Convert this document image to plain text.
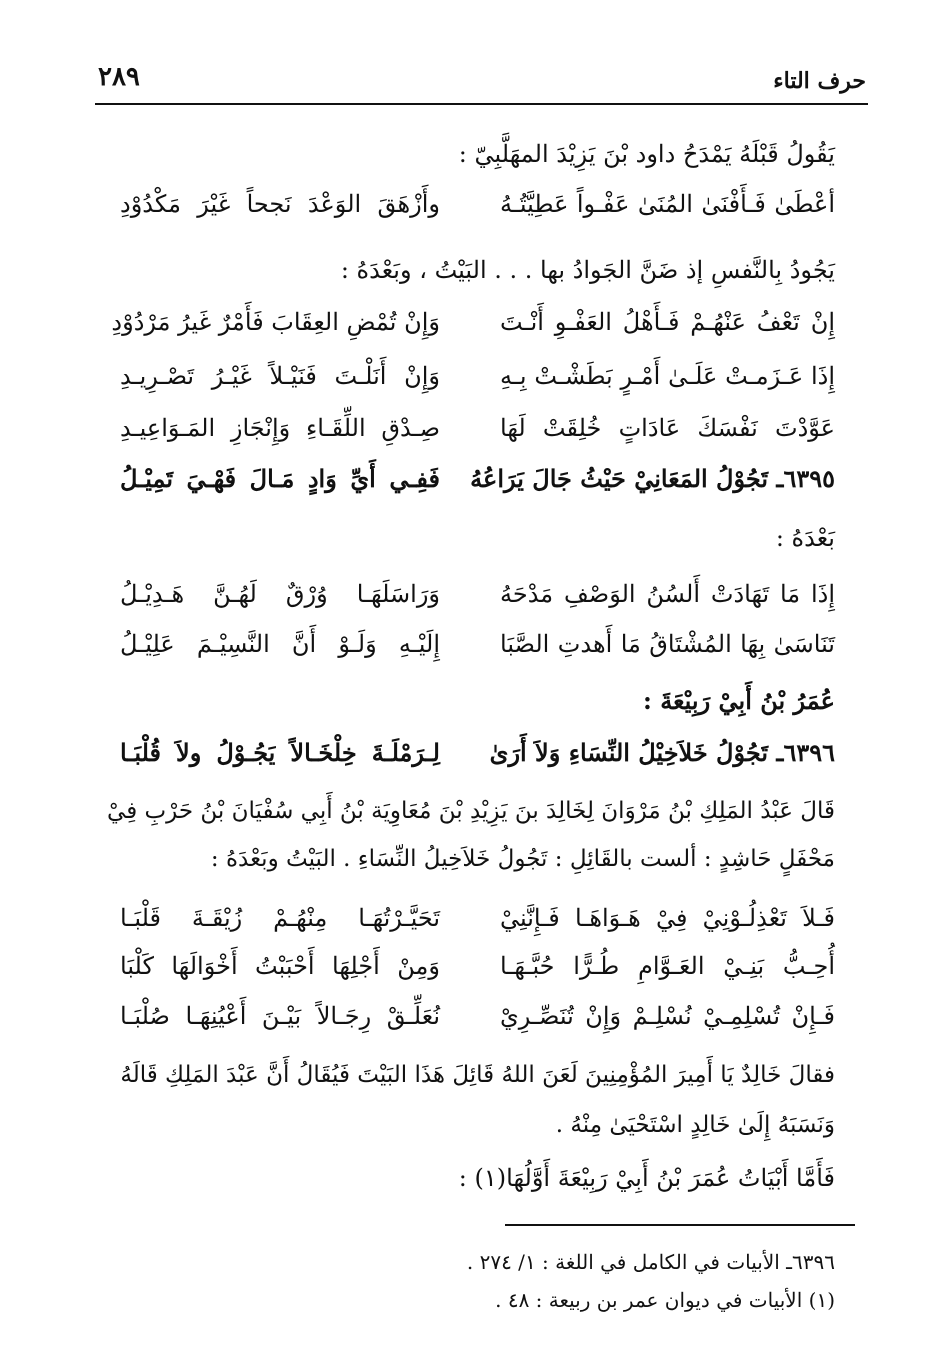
حرف التاء
٢٨٩
يَقُولُ قَبْلَهُ يَمْدَحُ داود بْنَ يَزِيْدَ المهَلَّبِيّ :
أعْطَىٰ فَـأَفْنَىٰ المُنَىٰ عَفْـواً عَطِيَّتُـهُ
وأَزْهَقَ الوَعْدَ نَجحاً غَيْرَ مَكْدُوْدِ
يَجُودُ بِالنَّفسِ إذ ضَنَّ الجَوادُ بها . . . البَيْتُ ، وبَعْدَهُ :
إِنْ تَعْفُ عَنْهُـمْ فَـأَهْلُ العَفْـوِ أَنْـتَ
وَإِنْ تُمْضِ العِقَابَ فَأَمْرٌ غَيرُ مَرْدُوْدِ
إِذَا عَـزَمـتْ عَلَـىٰ أَمْـرٍ بَطَشْـتْ بِـهِ
وَإِنْ أَنَلْـتَ فَنَيْـلاً غَيْـرُ تَصْـرِيـدِ
عَوَّدْتَ نَفْسَكَ عَادَاتٍ خُلِقَتْ لَهَا
صِـدْقِ اللِّقَـاءِ وَإِنْجَازِ المَـوَاعِيـدِ
٦٣٩٥ـ تَجُوْلُ المَعَانِيْ حَيْثُ جَالَ يَرَاعُهُ
فَفِـي أَيِّ وَادٍ مَـالَ فَهْـيَ تَمِيْـلُ
بَعْدَهُ :
إِذَا مَا تَهَادَتْ أَلسُنُ الوَصْفِ مَدْحَهُ
وَرَاسَلَهَـا وُرْقٌ لَهُـنَّ هَـدِيْـلُ
تَنَاسَىٰ بِهَا المُشْتَاقُ مَا أَهدتِ الصَّبَا
إِلَيْـهِ وَلَـوْ أَنَّ النَّسِيْـمَ عَلِيْـلُ
عُمَرُ بْنُ أَبِيْ رَبِيْعَةَ :
٦٣٩٦ـ تَجُوْلُ خَلاَخِيْلُ النِّسَاءِ وَلاَ أَرَىٰ
لِـرَمْلَـةَ خِلْخَـالاً يَجُـوْلُ ولاَ قُلْبَـا
قَالَ عَبْدُ المَلِكِ بْنُ مَرْوَانَ لِخَالِدَ بنَ يَزِيْدِ بْنَ مُعَاوِيَة بْنُ أَبِي سُفْيَانَ بْنُ حَرْبِ فِيْ
مَحْفَلٍ حَاشِدٍ : ألست بالقَائِلِ : تَجُولُ خَلاَخِيلُ النِّسَاءِ . البَيْتُ وبَعْدَهُ :
فَـلاَ تَعْذِلُـوْنِيْ فِيْ هَـوَاهَـا فَـإِنَّنِيْ
تَحَيَّـرْتُهَـا مِنْهُـمْ زُيْقَـةَ قَلْبَـا
أُحِـبُّ بَنِـيْ العَـوَّامِ طُـرًّا حُبَّـهَـا
وَمِنْ أَجْلِهَا أَحْبَبْتُ أَخْوَالَهَا كَلْبَا
فَـإِنْ تُسْلِمِـيْ نُسْلِـمْ وَإِنْ تُنَصِّـرِيْ
نُعَلِّـقْ رِجَـالاً بَيْـنَ أَعْيُنِهَـا صُلْبَـا
فقالَ خَالِدٌ يَا أَمِيرَ المُؤْمِنِينَ لَعَنَ اللهُ قَائِلَ هَذَا البَيْتَ فَيُقَالُ أَنَّ عَبْدَ المَلِكِ قَالَهُ
وَنَسَبَهُ إِلَىٰ خَالِدٍ اسْتَحْيَىٰ مِنْهُ .
فَأَمَّا أَبْيَاتُ عُمَرَ بْنُ أَبِيْ رَبِيْعَةَ أَوَّلُهَا(١) :
٦٣٩٦ـ الأبيات في الكامل في اللغة : ١/ ٢٧٤ .
(١) الأبيات في ديوان عمر بن ربيعة : ٤٨ .
